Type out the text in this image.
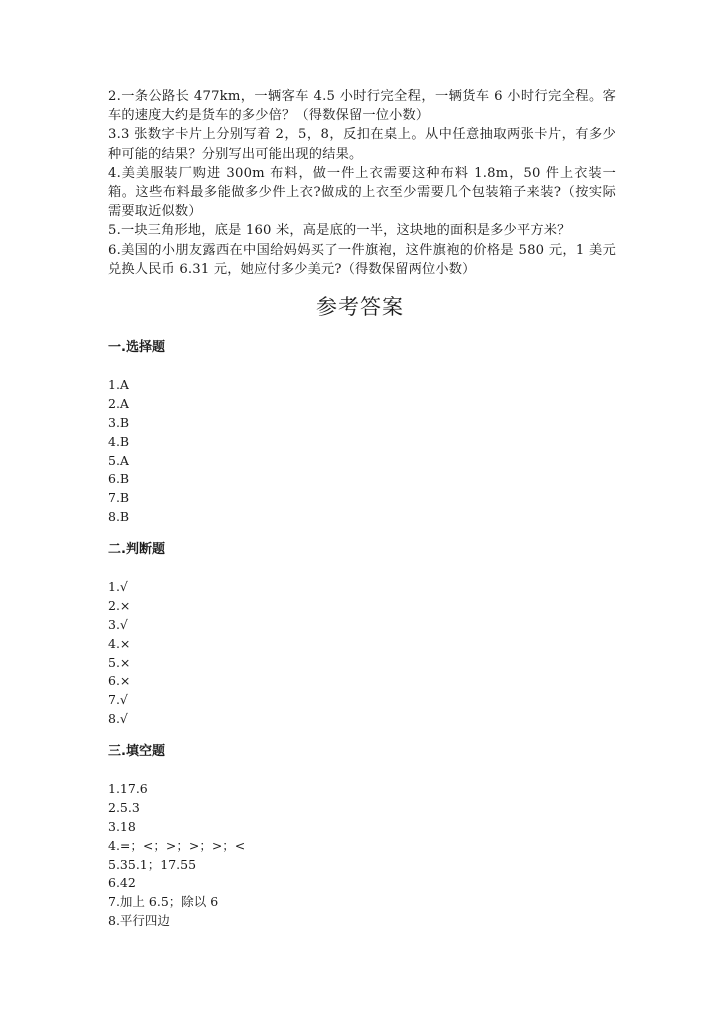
2.一条公路长 477km，一辆客车 4.5 小时行完全程，一辆货车 6 小时行完全程。客车的速度大约是货车的多少倍？（得数保留一位小数）

3.3 张数字卡片上分别写着 2，5，8，反扣在桌上。从中任意抽取两张卡片，有多少种可能的结果？分别写出可能出现的结果。

4.美美服装厂购进 300m 布料，做一件上衣需要这种布料 1.8m，50 件上衣装一箱。这些布料最多能做多少件上衣?做成的上衣至少需要几个包装箱子来装?（按实际需要取近似数）

5.一块三角形地，底是 160 米，高是底的一半，这块地的面积是多少平方米？

6.美国的小朋友露西在中国给妈妈买了一件旗袍，这件旗袍的价格是 580 元，1 美元兑换人民币 6.31 元，她应付多少美元?（得数保留两位小数）

参考答案
一.选择题
1.A
2.A
3.B
4.B
5.A
6.B
7.B
8.B
二.判断题
1.√
2.×
3.√
4.×
5.×
6.×
7.√
8.√
三.填空题
1.17.6
2.5.3
3.18
4.=；<；>；>；>；<
5.35.1；17.55
6.42
7.加上 6.5；除以 6
8.平行四边
